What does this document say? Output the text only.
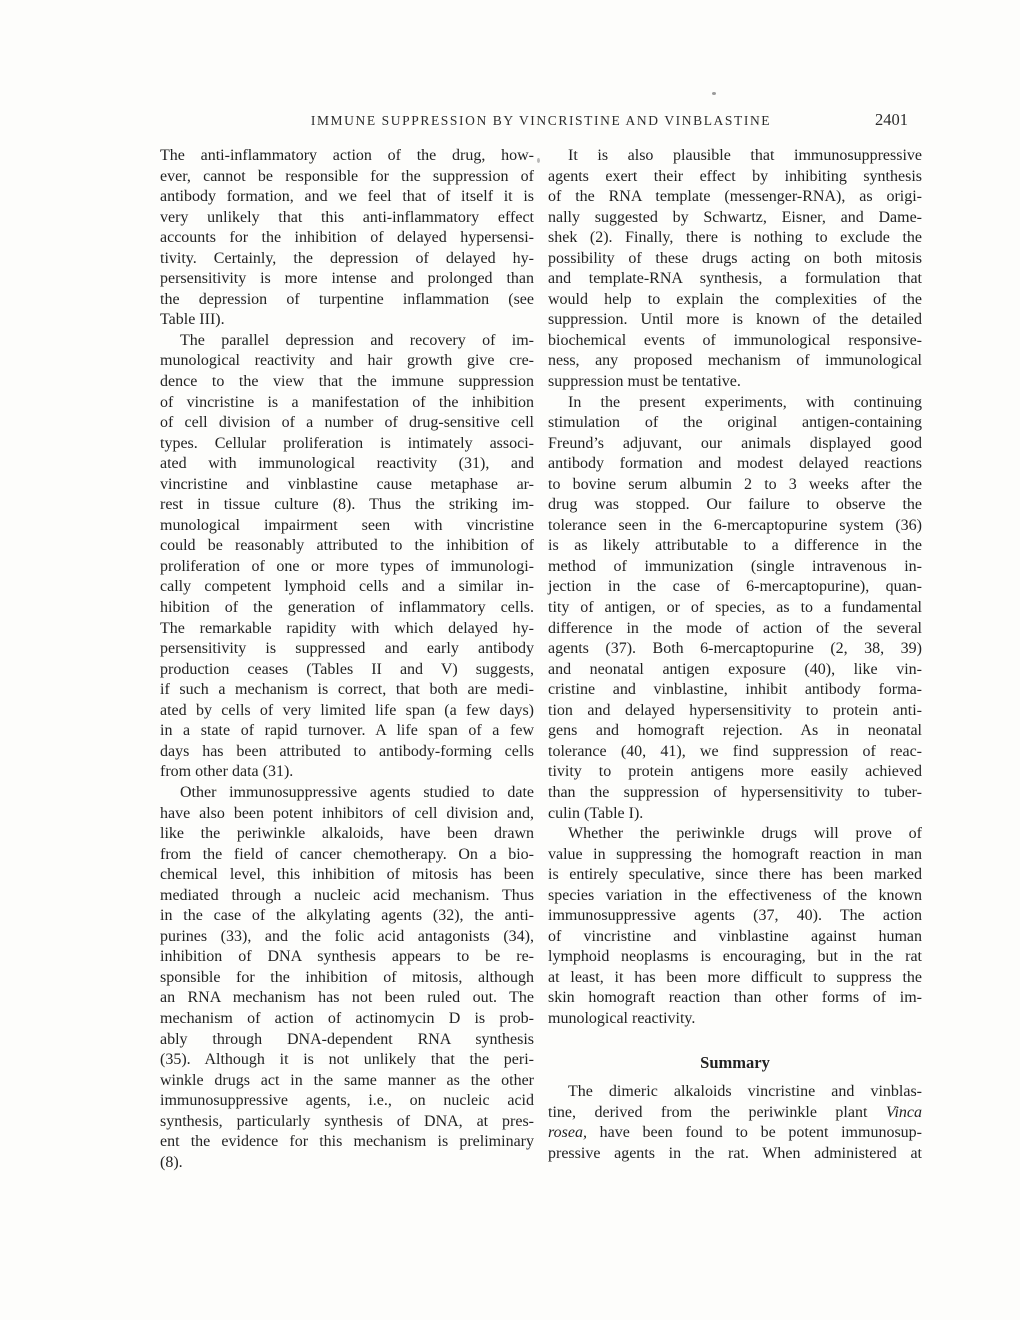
IMMUNE SUPPRESSION BY VINCRISTINE AND VINBLASTINE	2401
The anti-inflammatory action of the drug, how-
ever, cannot be responsible for the suppression of
antibody formation, and we feel that of itself it is
very unlikely that this anti-inflammatory effect
accounts for the inhibition of delayed hypersensi-
tivity. Certainly, the depression of delayed hy-
persensitivity is more intense and prolonged than
the depression of turpentine inflammation (see
Table III).
The parallel depression and recovery of im-
munological reactivity and hair growth give cre-
dence to the view that the immune suppression
of vincristine is a manifestation of the inhibition
of cell division of a number of drug-sensitive cell
types. Cellular proliferation is intimately associ-
ated with immunological reactivity (31), and
vincristine and vinblastine cause metaphase ar-
rest in tissue culture (8). Thus the striking im-
munological impairment seen with vincristine
could be reasonably attributed to the inhibition of
proliferation of one or more types of immunologi-
cally competent lymphoid cells and a similar in-
hibition of the generation of inflammatory cells.
The remarkable rapidity with which delayed hy-
persensitivity is suppressed and early antibody
production ceases (Tables II and V) suggests,
if such a mechanism is correct, that both are medi-
ated by cells of very limited life span (a few days)
in a state of rapid turnover. A life span of a few
days has been attributed to antibody-forming cells
from other data (31).
Other immunosuppressive agents studied to date
have also been potent inhibitors of cell division and,
like the periwinkle alkaloids, have been drawn
from the field of cancer chemotherapy. On a bio-
chemical level, this inhibition of mitosis has been
mediated through a nucleic acid mechanism. Thus
in the case of the alkylating agents (32), the anti-
purines (33), and the folic acid antagonists (34),
inhibition of DNA synthesis appears to be re-
sponsible for the inhibition of mitosis, although
an RNA mechanism has not been ruled out. The
mechanism of action of actinomycin D is prob-
ably through DNA-dependent RNA synthesis
(35). Although it is not unlikely that the peri-
winkle drugs act in the same manner as the other
immunosuppressive agents, i.e., on nucleic acid
synthesis, particularly synthesis of DNA, at pres-
ent the evidence for this mechanism is preliminary
(8).
It is also plausible that immunosuppressive
agents exert their effect by inhibiting synthesis
of the RNA template (messenger-RNA), as origi-
nally suggested by Schwartz, Eisner, and Dame-
shek (2). Finally, there is nothing to exclude the
possibility of these drugs acting on both mitosis
and template-RNA synthesis, a formulation that
would help to explain the complexities of the
suppression. Until more is known of the detailed
biochemical events of immunological responsive-
ness, any proposed mechanism of immunological
suppression must be tentative.
In the present experiments, with continuing
stimulation of the original antigen-containing
Freund’s adjuvant, our animals displayed good
antibody formation and modest delayed reactions
to bovine serum albumin 2 to 3 weeks after the
drug was stopped. Our failure to observe the
tolerance seen in the 6-mercaptopurine system (36)
is as likely attributable to a difference in the
method of immunization (single intravenous in-
jection in the case of 6-mercaptopurine), quan-
tity of antigen, or of species, as to a fundamental
difference in the mode of action of the several
agents (37). Both 6-mercaptopurine (2, 38, 39)
and neonatal antigen exposure (40), like vin-
cristine and vinblastine, inhibit antibody forma-
tion and delayed hypersensitivity to protein anti-
gens and homograft rejection. As in neonatal
tolerance (40, 41), we find suppression of reac-
tivity to protein antigens more easily achieved
than the suppression of hypersensitivity to tuber-
culin (Table I).
Whether the periwinkle drugs will prove of
value in suppressing the homograft reaction in man
is entirely speculative, since there has been marked
species variation in the effectiveness of the known
immunosuppressive agents (37, 40). The action
of vincristine and vinblastine against human
lymphoid neoplasms is encouraging, but in the rat
at least, it has been more difficult to suppress the
skin homograft reaction than other forms of im-
munological reactivity.
Summary
The dimeric alkaloids vincristine and vinblas-
tine, derived from the periwinkle plant Vinca
rosea, have been found to be potent immunosup-
pressive agents in the rat. When administered at
